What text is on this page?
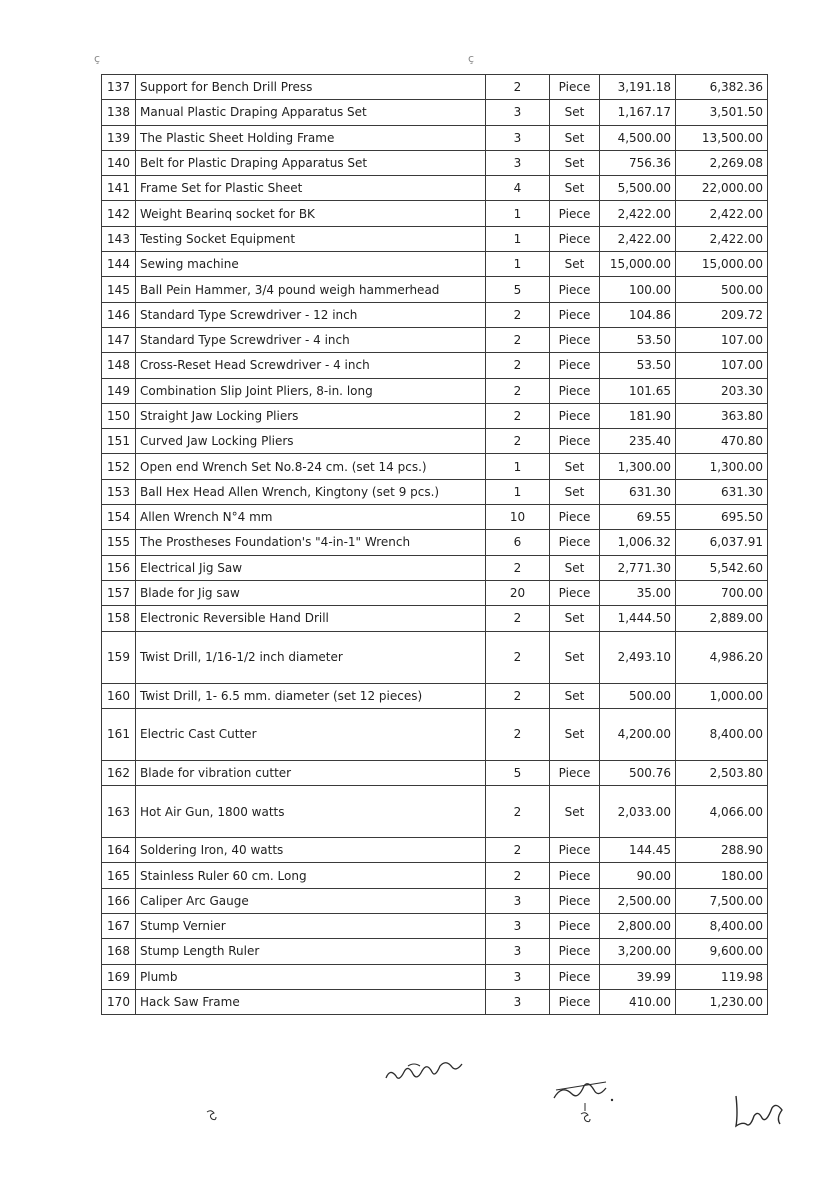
ç	ç
137	Support for Bench Drill Press	2	Piece	3,191.18	6,382.36
138	Manual Plastic Draping Apparatus Set	3	Set	1,167.17	3,501.50
139	The Plastic Sheet Holding Frame	3	Set	4,500.00	13,500.00
140	Belt for Plastic Draping Apparatus Set	3	Set	756.36	2,269.08
141	Frame Set for Plastic Sheet	4	Set	5,500.00	22,000.00
142	Weight Bearinq socket for BK	1	Piece	2,422.00	2,422.00
143	Testing Socket Equipment	1	Piece	2,422.00	2,422.00
144	Sewing machine	1	Set	15,000.00	15,000.00
145	Ball Pein Hammer, 3/4 pound weigh hammerhead	5	Piece	100.00	500.00
146	Standard Type Screwdriver - 12 inch	2	Piece	104.86	209.72
147	Standard Type Screwdriver - 4 inch	2	Piece	53.50	107.00
148	Cross-Reset Head Screwdriver - 4 inch	2	Piece	53.50	107.00
149	Combination Slip Joint Pliers, 8-in. long	2	Piece	101.65	203.30
150	Straight Jaw Locking Pliers	2	Piece	181.90	363.80
151	Curved Jaw Locking Pliers	2	Piece	235.40	470.80
152	Open end Wrench Set No.8-24 cm. (set 14 pcs.)	1	Set	1,300.00	1,300.00
153	Ball Hex Head Allen Wrench, Kingtony (set 9 pcs.)	1	Set	631.30	631.30
154	Allen Wrench N°4 mm	10	Piece	69.55	695.50
155	The Prostheses Foundation's "4-in-1" Wrench	6	Piece	1,006.32	6,037.91
156	Electrical Jig Saw	2	Set	2,771.30	5,542.60
157	Blade for Jig saw	20	Piece	35.00	700.00
158	Electronic Reversible Hand Drill	2	Set	1,444.50	2,889.00
159	Twist Drill, 1/16-1/2 inch diameter	2	Set	2,493.10	4,986.20
160	Twist Drill, 1- 6.5 mm. diameter (set 12 pieces)	2	Set	500.00	1,000.00
161	Electric Cast Cutter	2	Set	4,200.00	8,400.00
162	Blade for vibration cutter	5	Piece	500.76	2,503.80
163	Hot Air Gun, 1800 watts	2	Set	2,033.00	4,066.00
164	Soldering Iron, 40 watts	2	Piece	144.45	288.90
165	Stainless Ruler 60 cm. Long	2	Piece	90.00	180.00
166	Caliper Arc Gauge	3	Piece	2,500.00	7,500.00
167	Stump Vernier	3	Piece	2,800.00	8,400.00
168	Stump Length Ruler	3	Piece	3,200.00	9,600.00
169	Plumb	3	Piece	39.99	119.98
170	Hack Saw Frame	3	Piece	410.00	1,230.00
